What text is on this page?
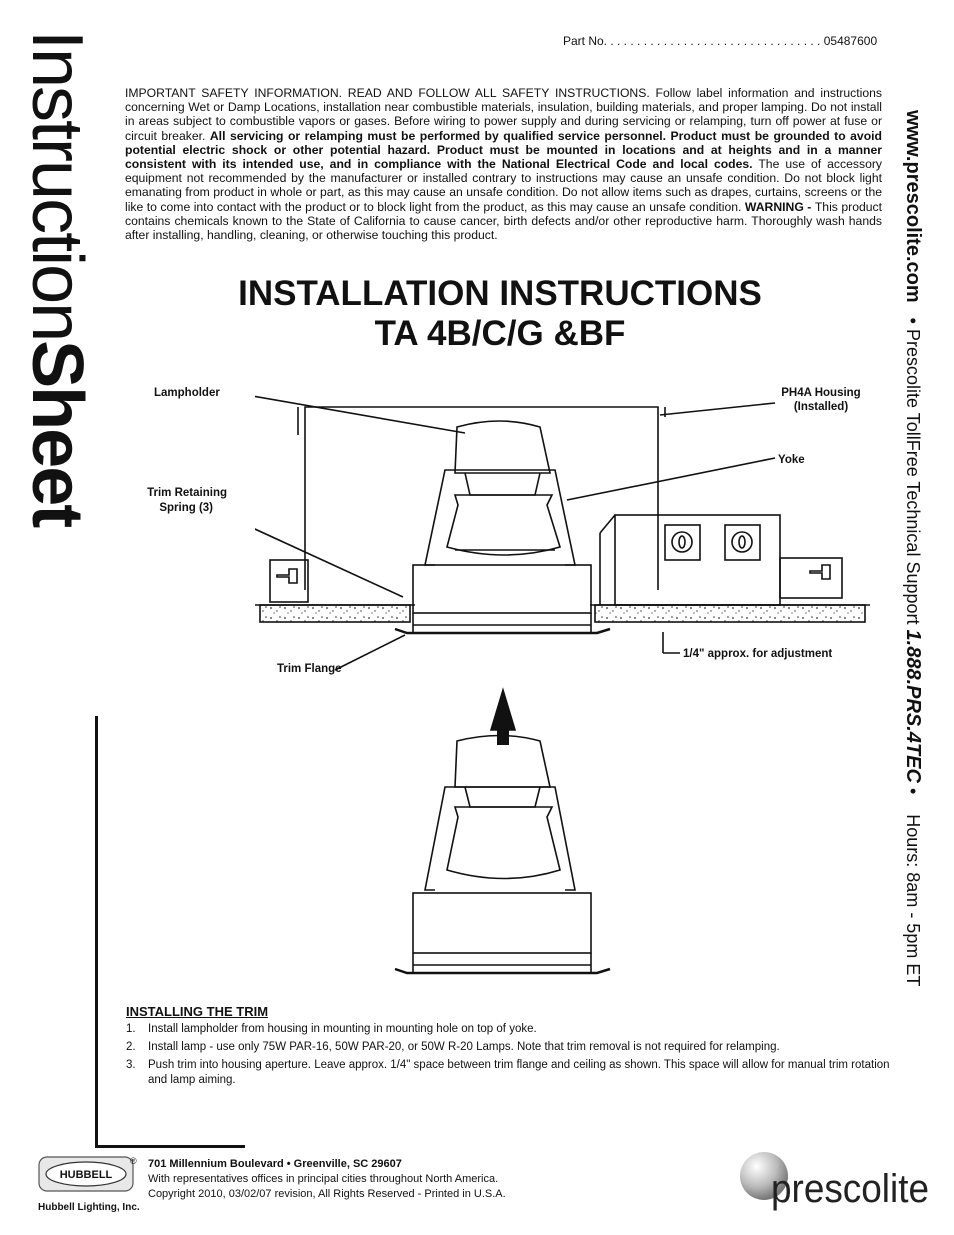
InstructionSheet
www.prescolite.com   • Prescolite TollFree Technical Support 1.888.PRS.4TEC •    Hours: 8am - 5pm ET
Part No. . . . . . . . . . . . . . . . . . . . . . . . . . . . . . . . . 05487600
IMPORTANT SAFETY INFORMATION. READ AND FOLLOW ALL SAFETY INSTRUCTIONS. Follow label information and instructions concerning Wet or Damp Locations, installation near combustible materials, insulation, building materials, and proper lamping. Do not install in areas subject to combustible vapors or gases. Before wiring to power supply and during servicing or relamping, turn off power at fuse or circuit breaker. All servicing or relamping must be performed by qualified service personnel. Product must be grounded to avoid potential electric shock or other potential hazard. Product must be mounted in locations and at heights and in a manner consistent with its intended use, and in compliance with the National Electrical Code and local codes. The use of accessory equipment not recommended by the manufacturer or installed contrary to instructions may cause an unsafe condition. Do not block light emanating from product in whole or part, as this may cause an unsafe condition. Do not allow items such as drapes, curtains, screens or the like to come into contact with the product or to block light from the product, as this may cause an unsafe condition. WARNING - This product contains chemicals known to the State of California to cause cancer, birth defects and/or other reproductive harm. Thoroughly wash hands after installing, handling, cleaning, or otherwise touching this product.
INSTALLATION INSTRUCTIONS
TA 4B/C/G &BF
Lampholder	PH4A Housing
(Installed)
Yoke
Trim Retaining
Spring (3)
Trim Flange
1/4" approx. for adjustment
INSTALLING THE TRIM
1. Install lampholder from housing in mounting in mounting hole on top of yoke.
2. Install lamp - use only 75W PAR-16, 50W PAR-20, or 50W R-20 Lamps. Note that trim removal is not required for relamping.
3. Push trim into housing aperture. Leave approx. 1/4" space between trim flange and ceiling as shown. This space will allow for manual trim rotation and lamp aiming.
HUBBELL
Hubbell Lighting, Inc.
® 701 Millennium Boulevard • Greenville, SC 29607
With representatives offices in principal cities throughout North America.
Copyright 2010, 03/02/07 revision, All Rights Reserved - Printed in U.S.A.	prescolite
